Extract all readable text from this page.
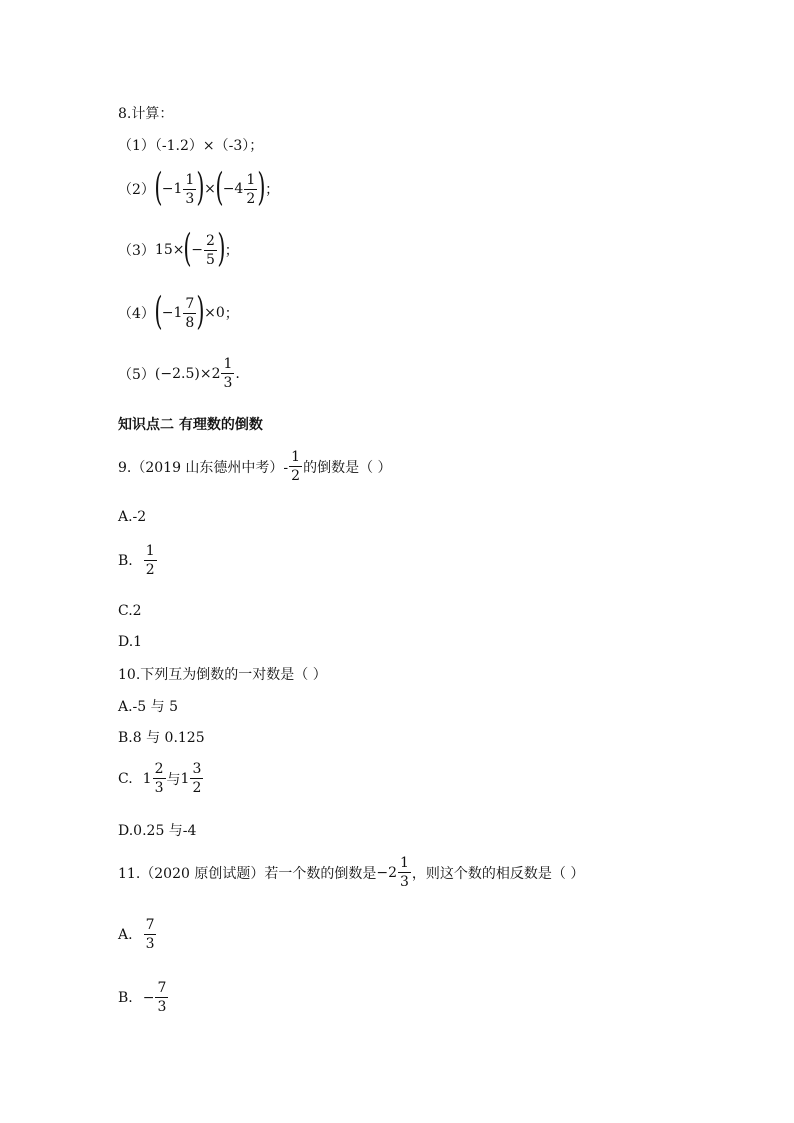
8.计算：
（1）（-1.2）×（-3）；
（2） ( $-1 \frac{1}{3}$ ) × ( $-4 \frac{1}{2}$ ) ；
（3） 15× ( − $\frac{2}{5}$ ) ；
（4） ( $-1 \frac{7}{8}$ ) ×0 ；
（5） $(-2.5)\times 2 \frac{1}{3}$ .
知识点二 有理数的倒数
9.（2019 山东德州中考）- $\frac{1}{2}$ 的倒数是（ ）
A.-2
B. $\frac{1}{2}$
C.2
D.1
10.下列互为倒数的一对数是（ ）
A.-5 与 5
B.8 与 0.125
C. $1 \frac{2}{3}$ 与 $1 \frac{3}{2}$
D.0.25 与-4
11.（2020 原创试题）若一个数的倒数是 $-2 \frac{1}{3}$ ，则这个数的相反数是（ ）
A. $\frac{7}{3}$
B. − $\frac{7}{3}$
